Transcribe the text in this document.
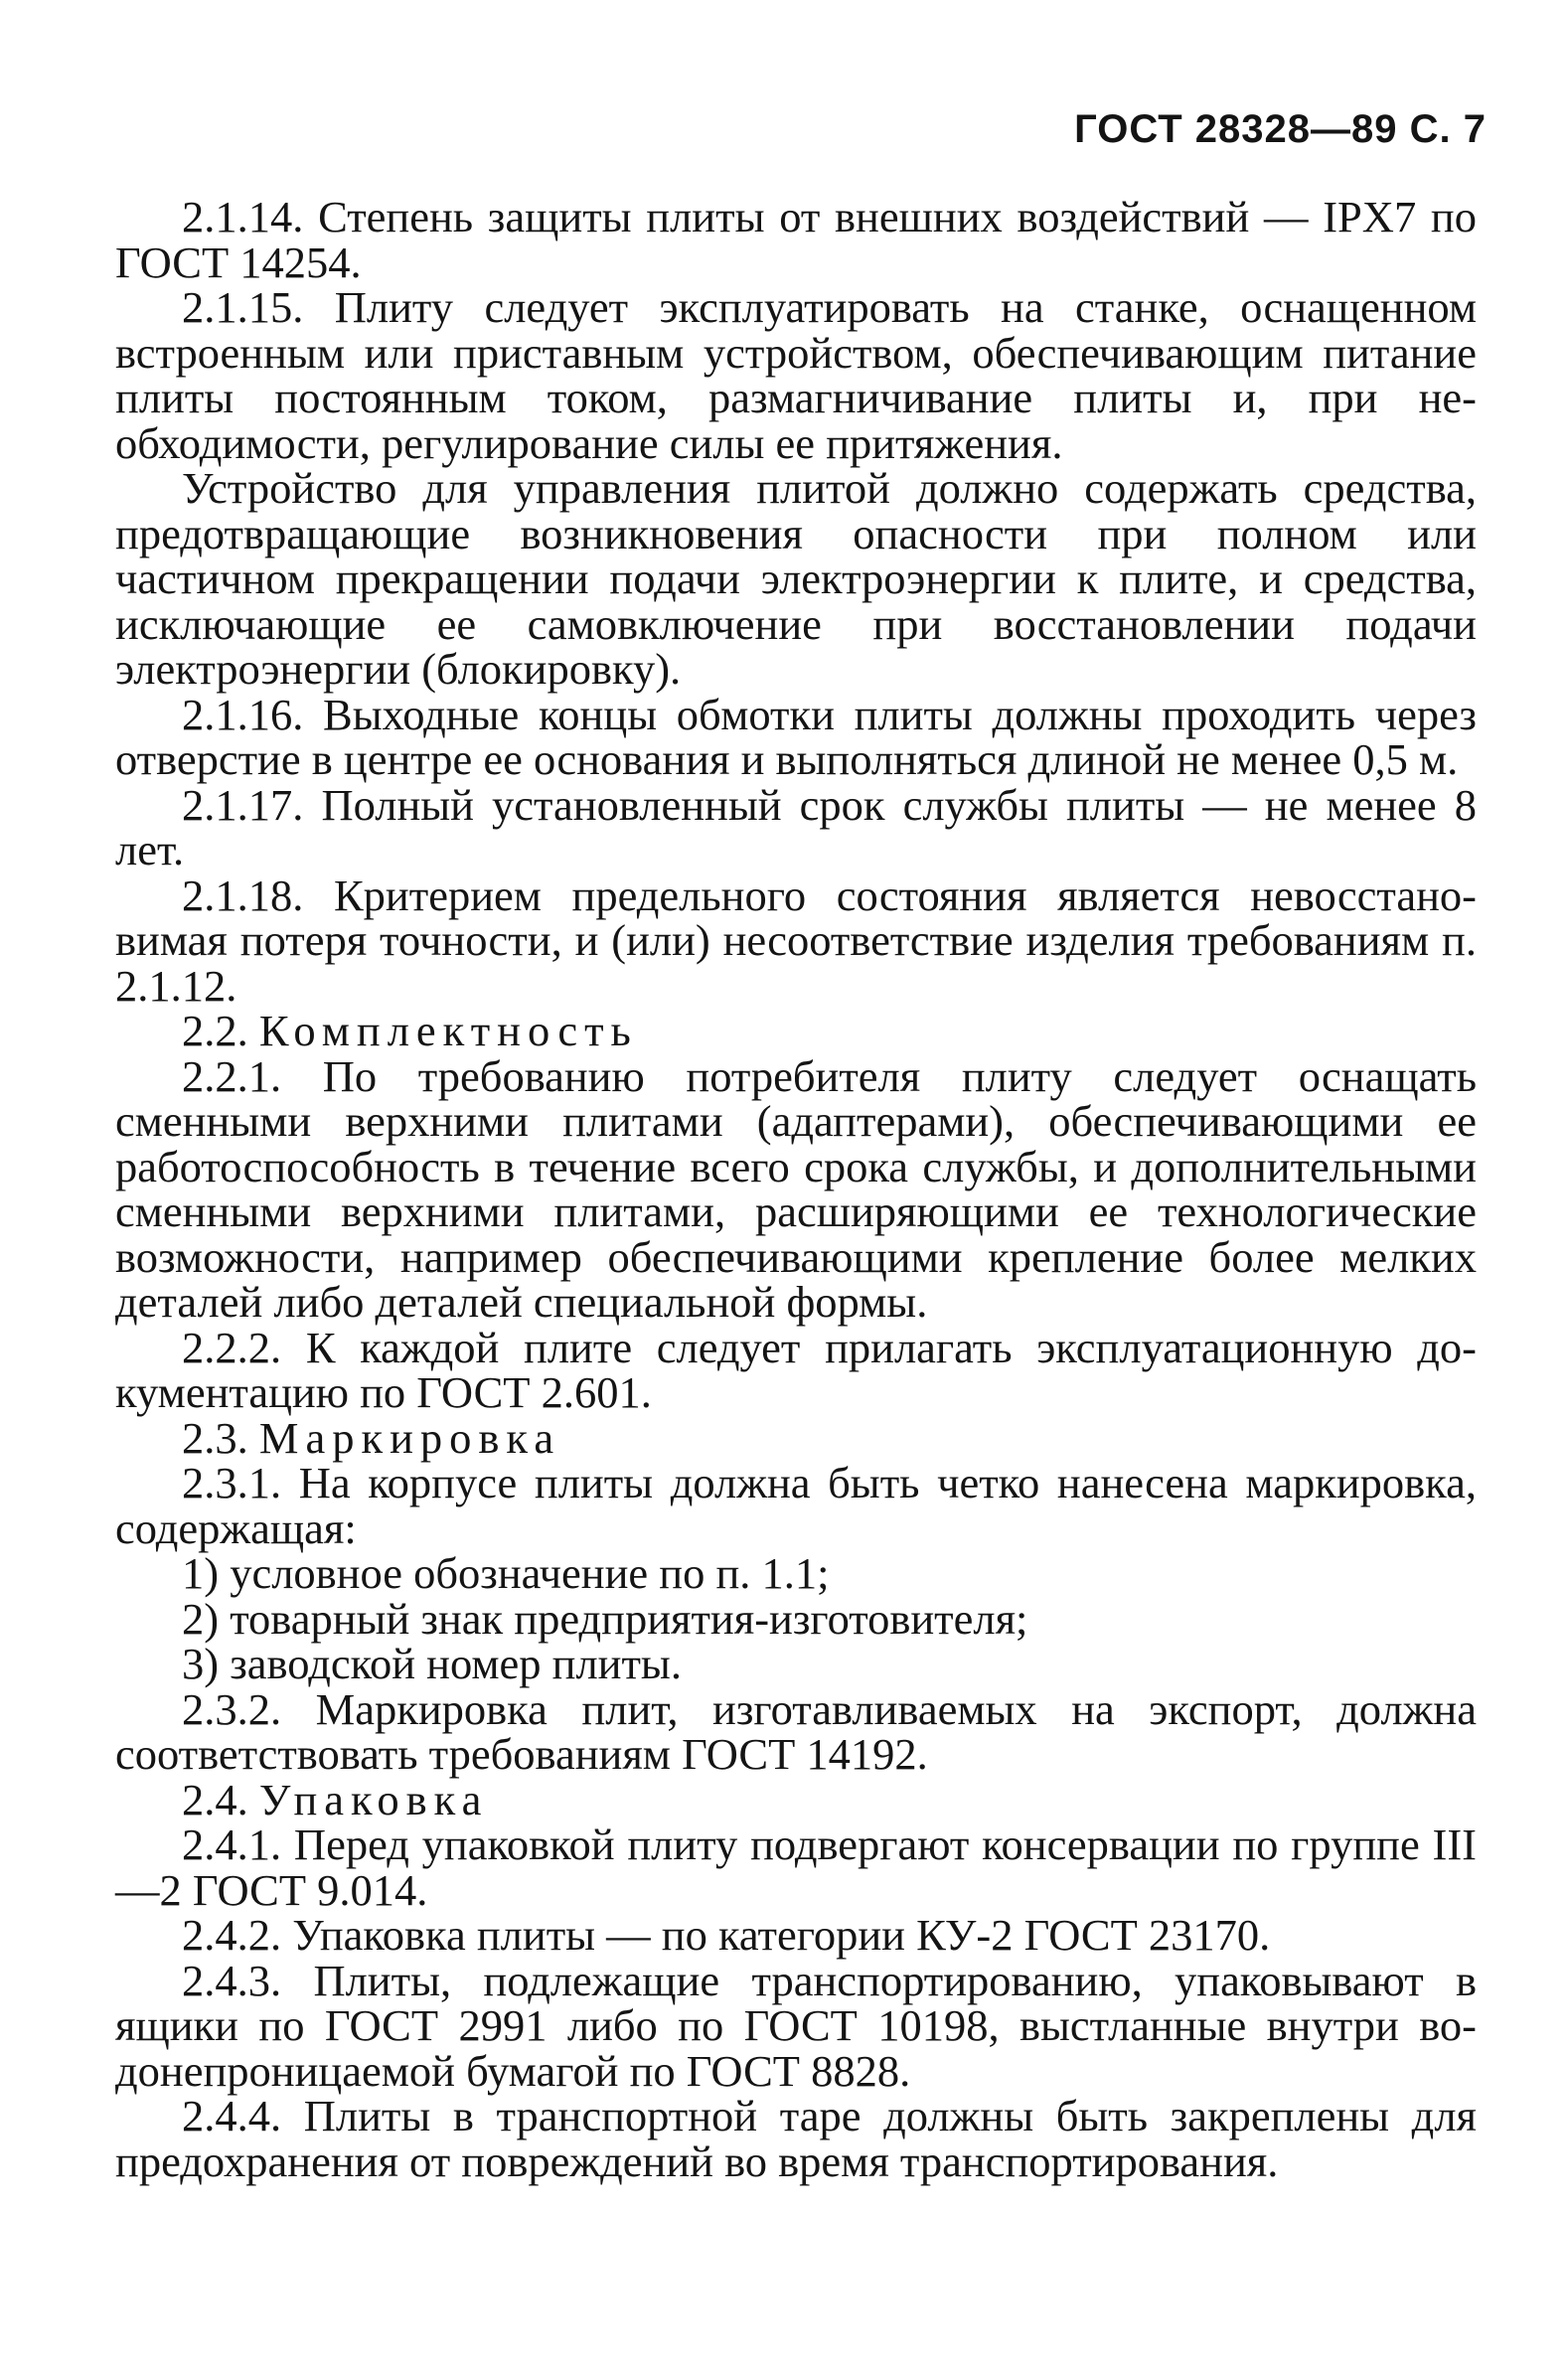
ГОСТ 28328—89 С. 7

2.1.14. Степень защиты плиты от внешних воздействий — IPX7 по ГОСТ 14254.

2.1.15. Плиту следует эксплуатировать на станке, оснащенном встроенным или приставным устройством, обеспечивающим питание плиты постоянным током, размагничивание плиты и, при необходимости, регулирование силы ее притяжения.

Устройство для управления плитой должно содержать средства, предотвращающие возникновения опасности при полном или частичном прекращении подачи электроэнергии к плите, и средства, исключающие ее самовключение при восстановлении подачи электроэнергии (блокировку).

2.1.16. Выходные концы обмотки плиты должны проходить через отверстие в центре ее основания и выполняться длиной не менее 0,5 м.

2.1.17. Полный установленный срок службы плиты — не менее 8 лет.

2.1.18. Критерием предельного состояния является невосстановимая потеря точности, и (или) несоответствие изделия требованиям п. 2.1.12.

2.2. Комплектность

2.2.1. По требованию потребителя плиту следует оснащать сменными верхними плитами (адаптерами), обеспечивающими ее работоспособность в течение всего срока службы, и дополнительными сменными верхними плитами, расширяющими ее технологические возможности, например обеспечивающими крепление более мелких деталей либо деталей специальной формы.

2.2.2. К каждой плите следует прилагать эксплуатационную документацию по ГОСТ 2.601.

2.3. Маркировка

2.3.1. На корпусе плиты должна быть четко нанесена маркировка, содержащая:

1) условное обозначение по п. 1.1;

2) товарный знак предприятия-изготовителя;

3) заводской номер плиты.

2.3.2. Маркировка плит, изготавливаемых на экспорт, должна соответствовать требованиям ГОСТ 14192.

2.4. Упаковка

2.4.1. Перед упаковкой плиту подвергают консервации по группе III—2 ГОСТ 9.014.

2.4.2. Упаковка плиты — по категории КУ-2 ГОСТ 23170.

2.4.3. Плиты, подлежащие транспортированию, упаковывают в ящики по ГОСТ 2991 либо по ГОСТ 10198, выстланные внутри водонепроницаемой бумагой по ГОСТ 8828.

2.4.4. Плиты в транспортной таре должны быть закреплены для предохранения от повреждений во время транспортирования.
